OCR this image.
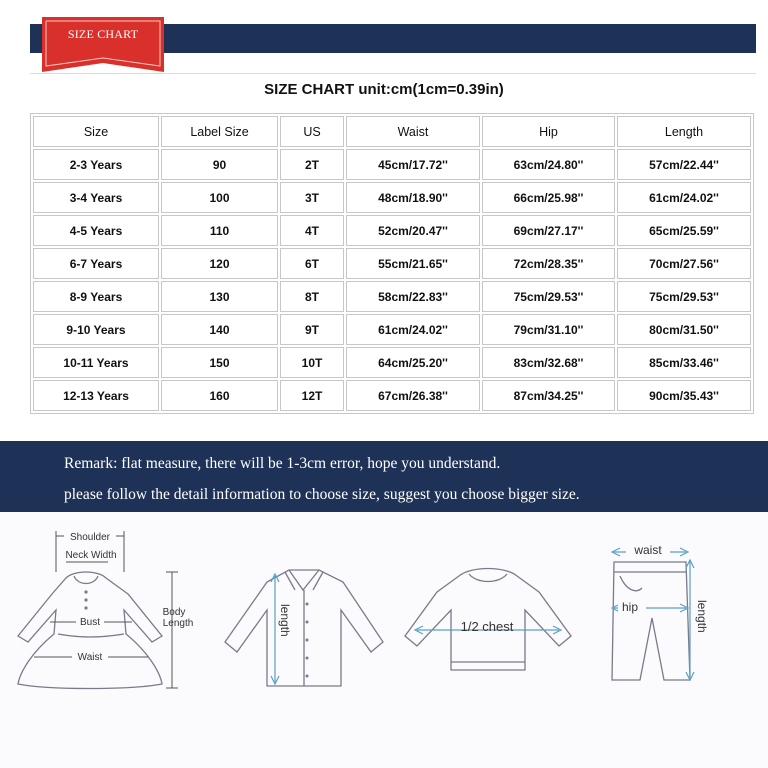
SIZE CHART
SIZE CHART unit:cm(1cm=0.39in)
Size	Label Size	US	Waist	Hip	Length
2-3 Years	90	2T	45cm/17.72''	63cm/24.80''	57cm/22.44''
3-4 Years	100	3T	48cm/18.90''	66cm/25.98''	61cm/24.02''
4-5 Years	110	4T	52cm/20.47''	69cm/27.17''	65cm/25.59''
6-7 Years	120	6T	55cm/21.65''	72cm/28.35''	70cm/27.56''
8-9 Years	130	8T	58cm/22.83''	75cm/29.53''	75cm/29.53''
9-10 Years	140	9T	61cm/24.02''	79cm/31.10''	80cm/31.50''
10-11 Years	150	10T	64cm/25.20''	83cm/32.68''	85cm/33.46''
12-13 Years	160	12T	67cm/26.38''	87cm/34.25''	90cm/35.43''
Remark: flat measure, there will be 1-3cm error, hope you understand.
please follow the detail information to choose size, suggest you choose bigger size.
Shoulder
Neck Width
Bust
Waist
Body
Length	length	1/2 chest
waist
hip	length
